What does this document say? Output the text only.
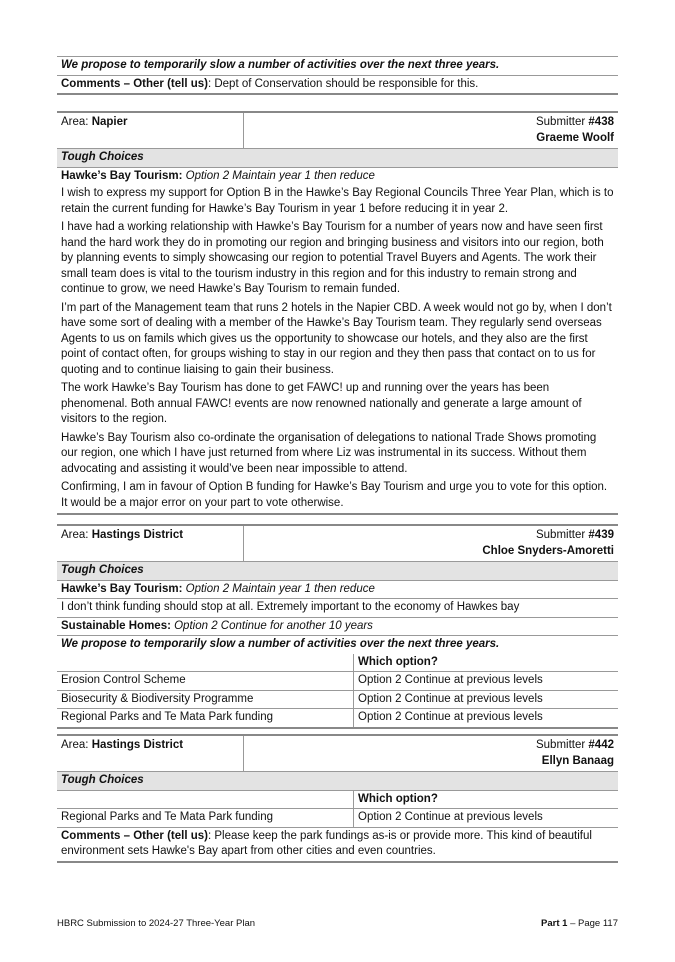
We propose to temporarily slow a number of activities over the next three years.
Comments – Other (tell us): Dept of Conservation should be responsible for this.
Area: Napier	Submitter #438
Graeme Woolf
Tough Choices
Hawke’s Bay Tourism: Option 2 Maintain year 1 then reduce

I wish to express my support for Option B in the Hawke’s Bay Regional Councils Three Year Plan, which is to retain the current funding for Hawke’s Bay Tourism in year 1 before reducing it in year 2.

I have had a working relationship with Hawke’s Bay Tourism for a number of years now and have seen first hand the hard work they do in promoting our region and bringing business and visitors into our region, both by planning events to simply showcasing our region to potential Travel Buyers and Agents. The work their small team does is vital to the tourism industry in this region and for this industry to remain strong and continue to grow, we need Hawke’s Bay Tourism to remain funded.

I’m part of the Management team that runs 2 hotels in the Napier CBD. A week would not go by, when I don’t have some sort of dealing with a member of the Hawke’s Bay Tourism team. They regularly send overseas Agents to us on famils which gives us the opportunity to showcase our hotels, and they also are the first point of contact often, for groups wishing to stay in our region and they then pass that contact on to us for quoting and to continue liaising to gain their business.

The work Hawke’s Bay Tourism has done to get FAWC! up and running over the years has been phenomenal. Both annual FAWC! events are now renowned nationally and generate a large amount of visitors to the region.

Hawke’s Bay Tourism also co-ordinate the organisation of delegations to national Trade Shows promoting our region, one which I have just returned from where Liz was instrumental in its success. Without them advocating and assisting it would’ve been near impossible to attend.

Confirming, I am in favour of Option B funding for Hawke’s Bay Tourism and urge you to vote for this option. It would be a major error on your part to vote otherwise.

Area: Hastings District	Submitter #439
Chloe Snyders-Amoretti
Tough Choices
Hawke’s Bay Tourism: Option 2 Maintain year 1 then reduce
I don’t think funding should stop at all. Extremely important to the economy of Hawkes bay
Sustainable Homes: Option 2 Continue for another 10 years
We propose to temporarily slow a number of activities over the next three years.
Which option?
Erosion Control Scheme	Option 2 Continue at previous levels
Biosecurity & Biodiversity Programme	Option 2 Continue at previous levels
Regional Parks and Te Mata Park funding	Option 2 Continue at previous levels
Area: Hastings District	Submitter #442
Ellyn Banaag
Tough Choices
Which option?
Regional Parks and Te Mata Park funding	Option 2 Continue at previous levels
Comments – Other (tell us): Please keep the park fundings as-is or provide more. This kind of beautiful environment sets Hawke's Bay apart from other cities and even countries.
HBRC Submission to 2024-27 Three-Year Plan	Part 1 – Page 117
